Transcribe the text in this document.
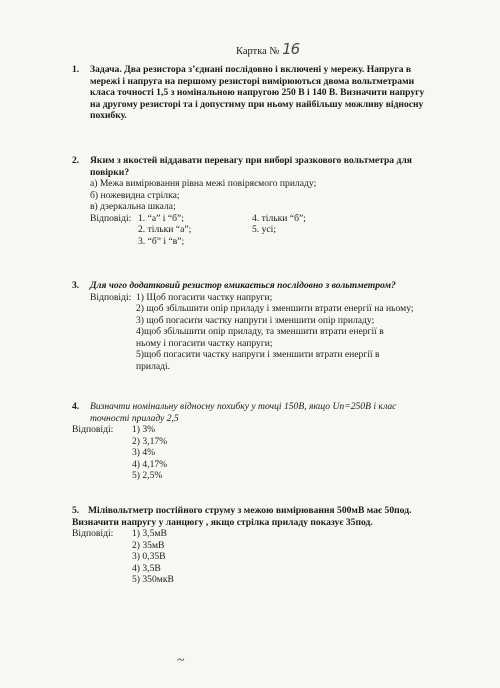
Картка № 16
1. Задача. Два резистора з’єднані послідовно і включені у мережу. Напруга в
мережі і напруга на першому резисторі вимірюються двома вольтметрами
класа точності 1,5 з номінальною напругою 250 В і 140 В. Визначити напругу
на другому резисторі та і допустиму при ньому найбільшу можливу відносну
похибку.
2. Яким з якостей віддавати перевагу при виборі зразкового вольтметра для
повірки?
а) Межа вимірювання рівна межі повіряємого приладу;
б) ножевидна стрілка;
в) дзеркальна шкала;
Відповіді: 1. “а” і “б”;
2. тільки “а”;
3. “б” і “в”;
4. тільки “б”;
5. усі;
3. Для чого додатковий резистор вмикається послідовно з вольтметром?
Відповіді: 1) Щоб погасити частку напруги;
2) щоб збільшити опір приладу і зменшити втрати енергії на ньому;
3) щоб погасити частку напруги і зменшити опір приладу;
4)щоб збільшити опір приладу, та зменшити втрати енергії в
ньому і погасити частку напруги;
5)щоб погасити частку напруги і зменшити втрати енергії в
приладі.
4. Визначти номінальну відносну похибку у точці 150В, якщо Un=250В і клас
точності приладу 2,5
Відповіді: 1) 3%
2) 3,17%
3) 4%
4) 4,17%
5) 2,5%
5. Мілівольтметр постійного струму з межою вимірювання 500мВ має 50под.
Визначити напругу у ланцюгу , якщо стрілка приладу показує 35под.
Відповіді: 1) 3,5мВ
2) 35мВ
3) 0,35В
4) 3,5В
5) 350мкВ
~
